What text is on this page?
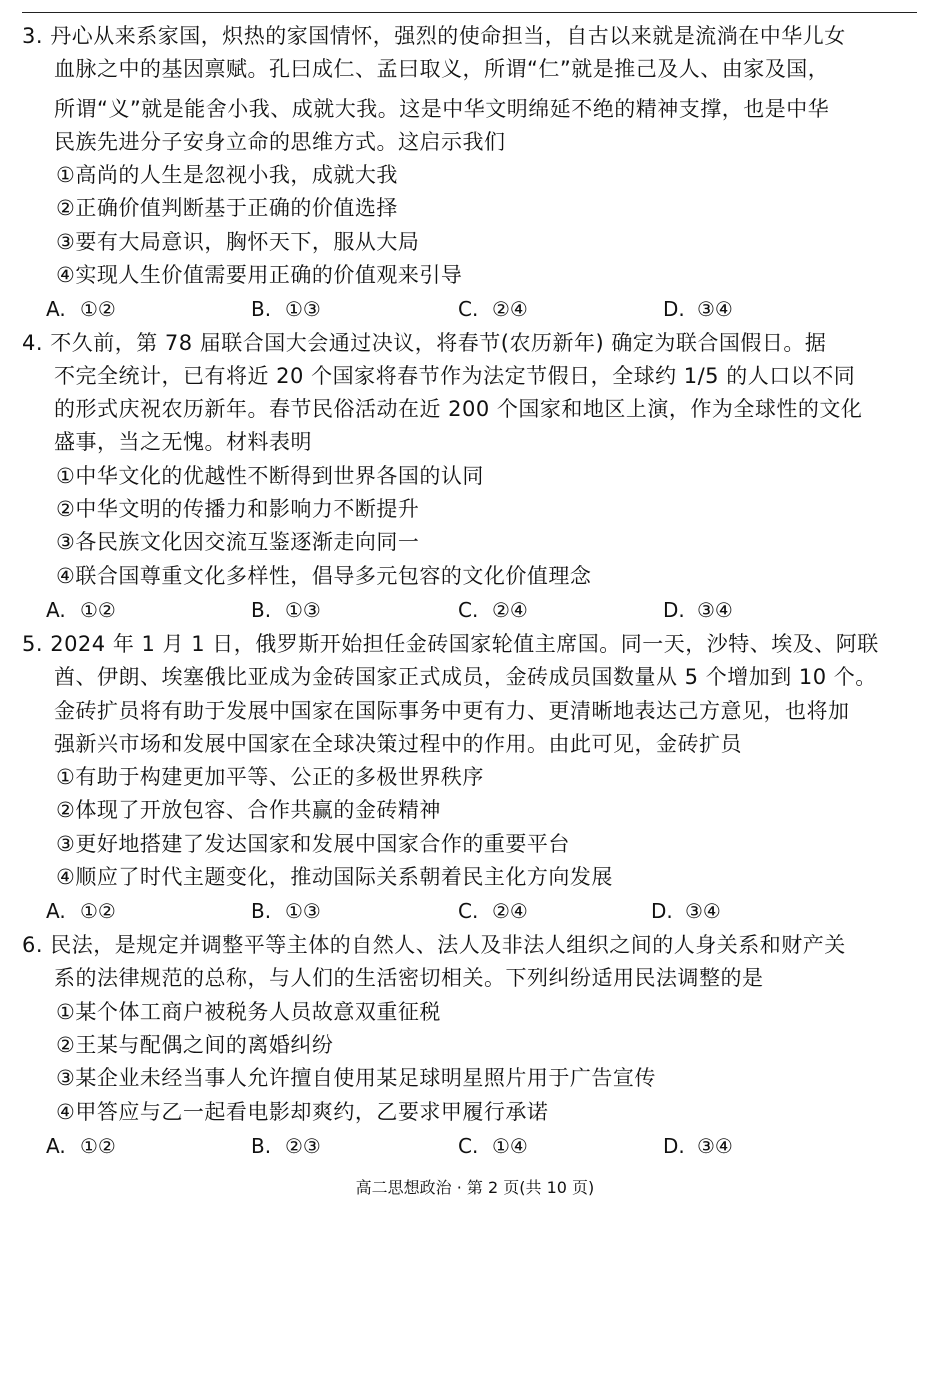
3. 丹心从来系家国，炽热的家国情怀，强烈的使命担当，自古以来就是流淌在中华儿女
血脉之中的基因禀赋。孔曰成仁、孟曰取义，所谓“仁”就是推己及人、由家及国，
所谓“义”就是能舍小我、成就大我。这是中华文明绵延不绝的精神支撑，也是中华
民族先进分子安身立命的思维方式。这启示我们
①高尚的人生是忽视小我，成就大我
②正确价值判断基于正确的价值选择
③要有大局意识，胸怀天下，服从大局
④实现人生价值需要用正确的价值观来引导
A. ①②	B. ①③	C. ②④	D. ③④
4. 不久前，第 78 届联合国大会通过决议，将春节(农历新年) 确定为联合国假日。据
不完全统计，已有将近 20 个国家将春节作为法定节假日，全球约 1/5 的人口以不同
的形式庆祝农历新年。春节民俗活动在近 200 个国家和地区上演，作为全球性的文化
盛事，当之无愧。材料表明
①中华文化的优越性不断得到世界各国的认同
②中华文明的传播力和影响力不断提升
③各民族文化因交流互鉴逐渐走向同一
④联合国尊重文化多样性，倡导多元包容的文化价值理念
A. ①②	B. ①③	C. ②④	D. ③④
5. 2024 年 1 月 1 日，俄罗斯开始担任金砖国家轮值主席国。同一天，沙特、埃及、阿联
酋、伊朗、埃塞俄比亚成为金砖国家正式成员，金砖成员国数量从 5 个增加到 10 个。
金砖扩员将有助于发展中国家在国际事务中更有力、更清晰地表达己方意见，也将加
强新兴市场和发展中国家在全球决策过程中的作用。由此可见，金砖扩员
①有助于构建更加平等、公正的多极世界秩序
②体现了开放包容、合作共赢的金砖精神
③更好地搭建了发达国家和发展中国家合作的重要平台
④顺应了时代主题变化，推动国际关系朝着民主化方向发展
A. ①②	B. ①③	C. ②④	D. ③④
6. 民法，是规定并调整平等主体的自然人、法人及非法人组织之间的人身关系和财产关
系的法律规范的总称，与人们的生活密切相关。下列纠纷适用民法调整的是
①某个体工商户被税务人员故意双重征税
②王某与配偶之间的离婚纠纷
③某企业未经当事人允许擅自使用某足球明星照片用于广告宣传
④甲答应与乙一起看电影却爽约，乙要求甲履行承诺
A. ①②	B. ②③	C. ①④	D. ③④
高二思想政治 · 第 2 页(共 10 页)
